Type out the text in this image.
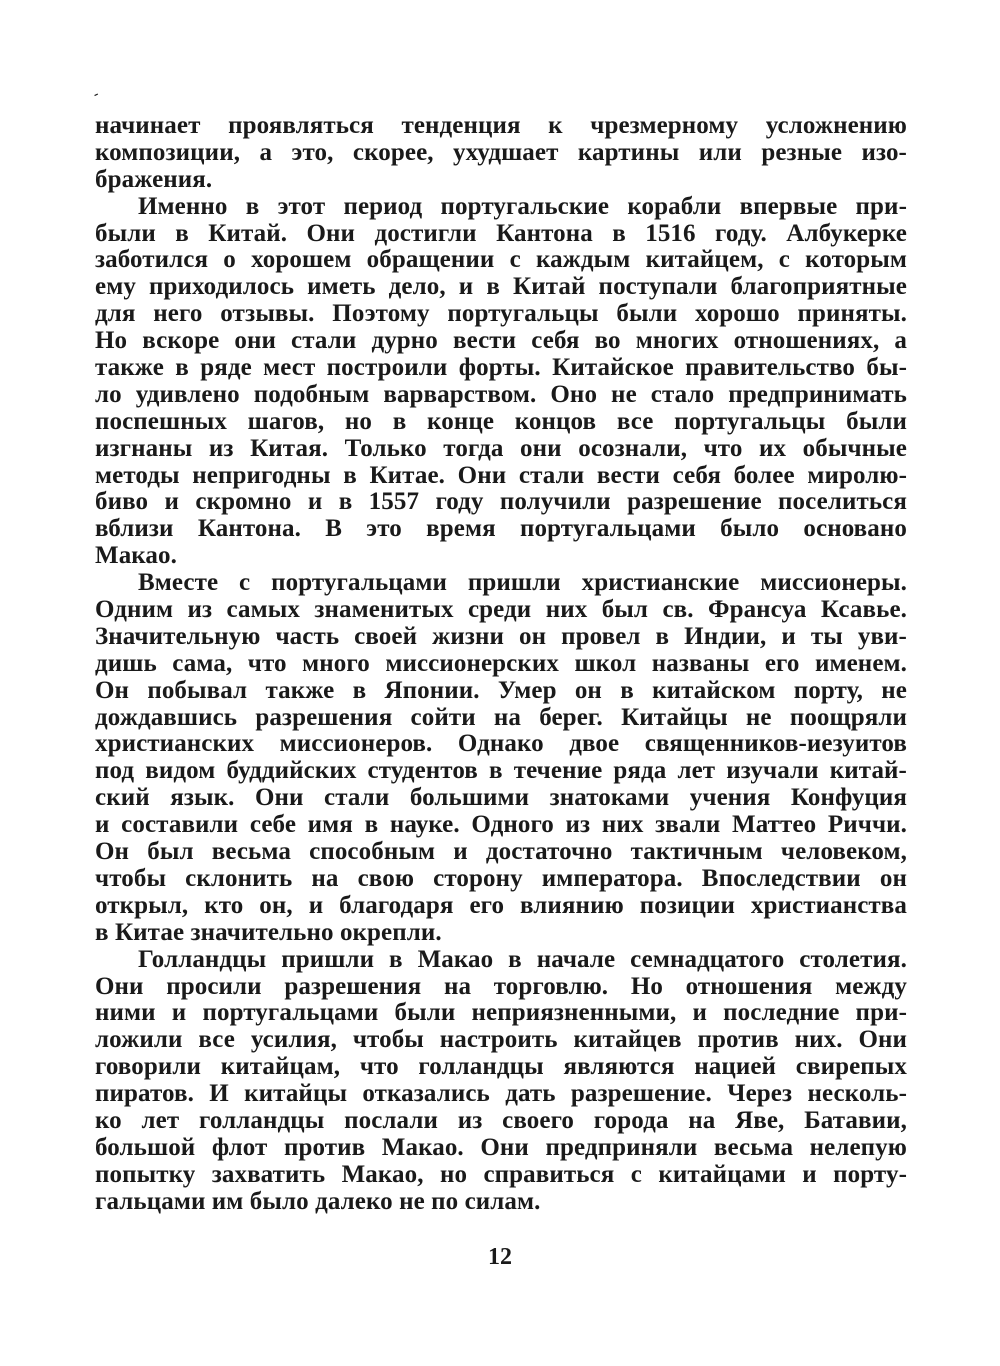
-
начинает проявляться тенденция к чрезмерному усложнению
композиции, а это, скорее, ухудшает картины или резные изо-
бражения.
Именно в этот период португальские корабли впервые при-
были в Китай. Они достигли Кантона в 1516 году. Албукерке
заботился о хорошем обращении с каждым китайцем, с которым
ему приходилось иметь дело, и в Китай поступали благоприятные
для него отзывы. Поэтому португальцы были хорошо приняты.
Но вскоре они стали дурно вести себя во многих отношениях, а
также в ряде мест построили форты. Китайское правительство бы-
ло удивлено подобным варварством. Оно не стало предпринимать
поспешных шагов, но в конце концов все португальцы были
изгнаны из Китая. Только тогда они осознали, что их обычные
методы непригодны в Китае. Они стали вести себя более миролю-
биво и скромно и в 1557 году получили разрешение поселиться
вблизи Кантона. В это время португальцами было основано
Макао.
Вместе с португальцами пришли христианские миссионеры.
Одним из самых знаменитых среди них был св. Франсуа Ксавье.
Значительную часть своей жизни он провел в Индии, и ты уви-
дишь сама, что много миссионерских школ названы его именем.
Он побывал также в Японии. Умер он в китайском порту, не
дождавшись разрешения сойти на берег. Китайцы не поощряли
христианских миссионеров. Однако двое священников-иезуитов
под видом буддийских студентов в течение ряда лет изучали китай-
ский язык. Они стали большими знатоками учения Конфуция
и составили себе имя в науке. Одного из них звали Маттео Риччи.
Он был весьма способным и достаточно тактичным человеком,
чтобы склонить на свою сторону императора. Впоследствии он
открыл, кто он, и благодаря его влиянию позиции христианства
в Китае значительно окрепли.
Голландцы пришли в Макао в начале семнадцатого столетия.
Они просили разрешения на торговлю. Но отношения между
ними и португальцами были неприязненными, и последние при-
ложили все усилия, чтобы настроить китайцев против них. Они
говорили китайцам, что голландцы являются нацией свирепых
пиратов. И китайцы отказались дать разрешение. Через несколь-
ко лет голландцы послали из своего города на Яве, Батавии,
большой флот против Макао. Они предприняли весьма нелепую
попытку захватить Макао, но справиться с китайцами и порту-
гальцами им было далеко не по силам.
12
